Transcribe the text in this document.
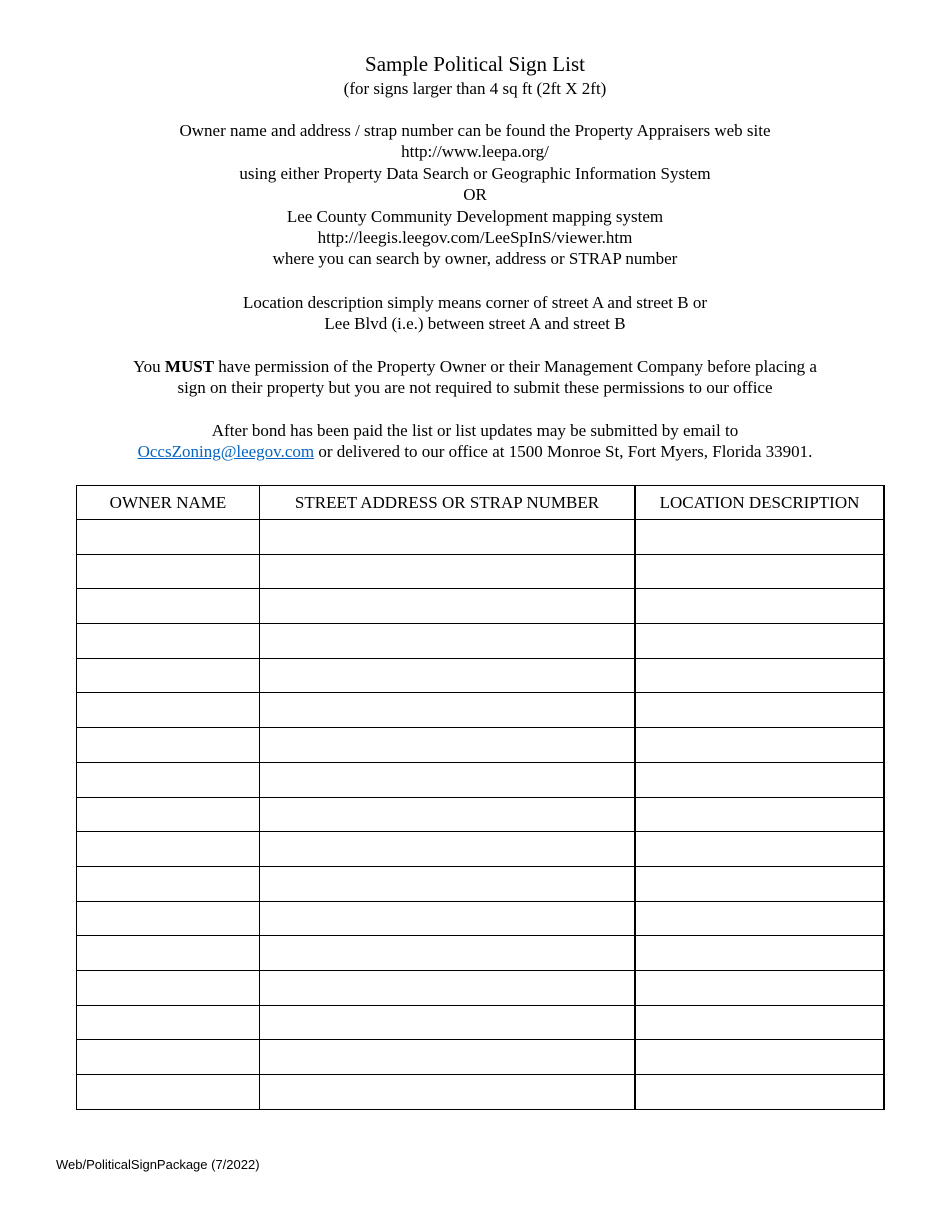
Sample Political Sign List
(for signs larger than 4 sq ft (2ft X 2ft)
Owner name and address / strap number can be found the Property Appraisers web site
http://www.leepa.org/
using either Property Data Search or Geographic Information System
OR
Lee County Community Development mapping system
http://leegis.leegov.com/LeeSpInS/viewer.htm
where you can search by owner, address or STRAP number
Location description simply means corner of street A and street B or
Lee Blvd (i.e.) between street A and street B
You MUST have permission of the Property Owner or their Management Company before placing a
sign on their property but you are not required to submit these permissions to our office
After bond has been paid the list or list updates may be submitted by email to
OccsZoning@leegov.com or delivered to our office at 1500 Monroe St, Fort Myers, Florida 33901.
OWNER NAME	STREET ADDRESS OR STRAP NUMBER	LOCATION DESCRIPTION

Web/PoliticalSignPackage (7/2022)
